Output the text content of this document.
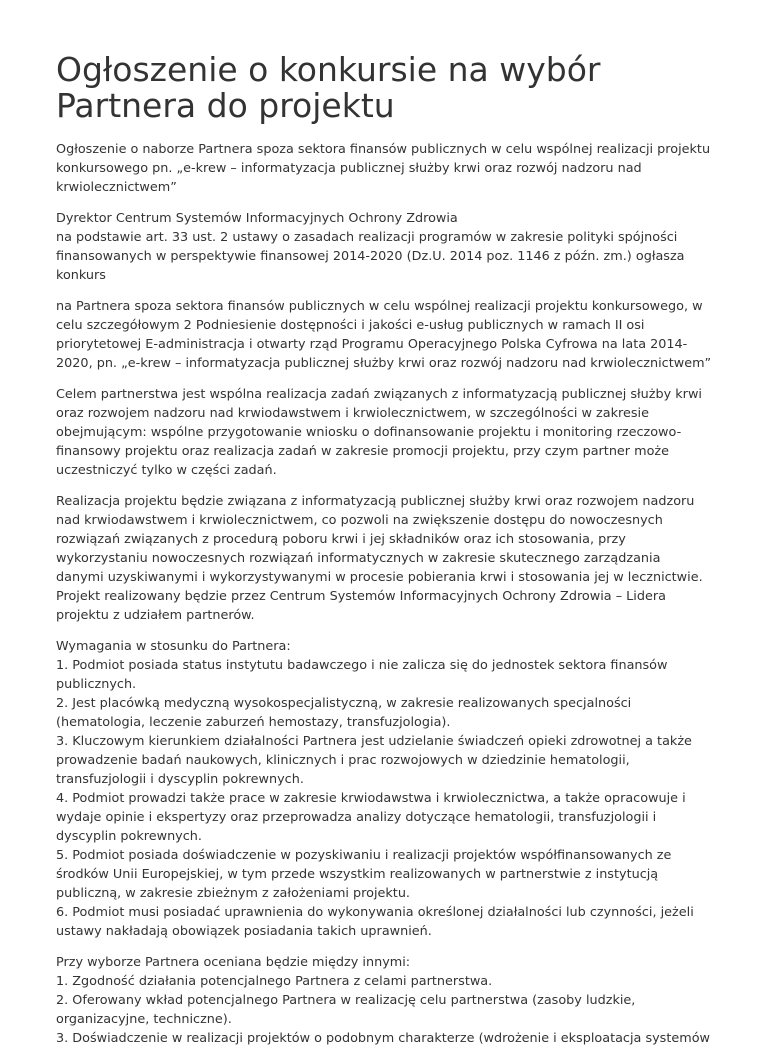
Ogłoszenie o konkursie na wybór Partnera do projektu

Ogłoszenie o naborze Partnera spoza sektora finansów publicznych w celu wspólnej realizacji projektu konkursowego pn. „e-krew – informatyzacja publicznej służby krwi oraz rozwój nadzoru nad krwiolecznictwem”

Dyrektor Centrum Systemów Informacyjnych Ochrony Zdrowia
na podstawie art. 33 ust. 2 ustawy o zasadach realizacji programów w zakresie polityki spójności finansowanych w perspektywie finansowej 2014-2020 (Dz.U. 2014 poz. 1146 z późn. zm.) ogłasza konkurs

na Partnera spoza sektora finansów publicznych w celu wspólnej realizacji projektu konkursowego, w celu szczegółowym 2 Podniesienie dostępności i jakości e-usług publicznych w ramach II osi priorytetowej E-administracja i otwarty rząd Programu Operacyjnego Polska Cyfrowa na lata 2014-2020, pn. „e-krew – informatyzacja publicznej służby krwi oraz rozwój nadzoru nad krwiolecznictwem”

Celem partnerstwa jest wspólna realizacja zadań związanych z informatyzacją publicznej służby krwi oraz rozwojem nadzoru nad krwiodawstwem i krwiolecznictwem, w szczególności w zakresie obejmującym: wspólne przygotowanie wniosku o dofinansowanie projektu i monitoring rzeczowo-finansowy projektu oraz realizacja zadań w zakresie promocji projektu, przy czym partner może uczestniczyć tylko w części zadań.

Realizacja projektu będzie związana z informatyzacją publicznej służby krwi oraz rozwojem nadzoru nad krwiodawstwem i krwiolecznictwem, co pozwoli na zwiększenie dostępu do nowoczesnych rozwiązań związanych z procedurą poboru krwi i jej składników oraz ich stosowania, przy wykorzystaniu nowoczesnych rozwiązań informatycznych w zakresie skutecznego zarządzania danymi uzyskiwanymi i wykorzystywanymi w procesie pobierania krwi i stosowania jej w lecznictwie.
Projekt realizowany będzie przez Centrum Systemów Informacyjnych Ochrony Zdrowia – Lidera projektu z udziałem partnerów.

Wymagania w stosunku do Partnera:
1. Podmiot posiada status instytutu badawczego i nie zalicza się do jednostek sektora finansów publicznych.
2. Jest placówką medyczną wysokospecjalistyczną, w zakresie realizowanych specjalności (hematologia, leczenie zaburzeń hemostazy, transfuzjologia).
3. Kluczowym kierunkiem działalności Partnera jest udzielanie świadczeń opieki zdrowotnej a także prowadzenie badań naukowych, klinicznych i prac rozwojowych w dziedzinie hematologii, transfuzjologii i dyscyplin pokrewnych.
4. Podmiot prowadzi także prace w zakresie krwiodawstwa i krwiolecznictwa, a także opracowuje i wydaje opinie i ekspertyzy oraz przeprowadza analizy dotyczące hematologii, transfuzjologii i dyscyplin pokrewnych.
5. Podmiot posiada doświadczenie w pozyskiwaniu i realizacji projektów współfinansowanych ze środków Unii Europejskiej, w tym przede wszystkim realizowanych w partnerstwie z instytucją publiczną, w zakresie zbieżnym z założeniami projektu.
6. Podmiot musi posiadać uprawnienia do wykonywania określonej działalności lub czynności, jeżeli ustawy nakładają obowiązek posiadania takich uprawnień.

Przy wyborze Partnera oceniana będzie między innymi:
1. Zgodność działania potencjalnego Partnera z celami partnerstwa.
2. Oferowany wkład potencjalnego Partnera w realizację celu partnerstwa (zasoby ludzkie, organizacyjne, techniczne).
3. Doświadczenie w realizacji projektów o podobnym charakterze (wdrożenie i eksploatacja systemów
